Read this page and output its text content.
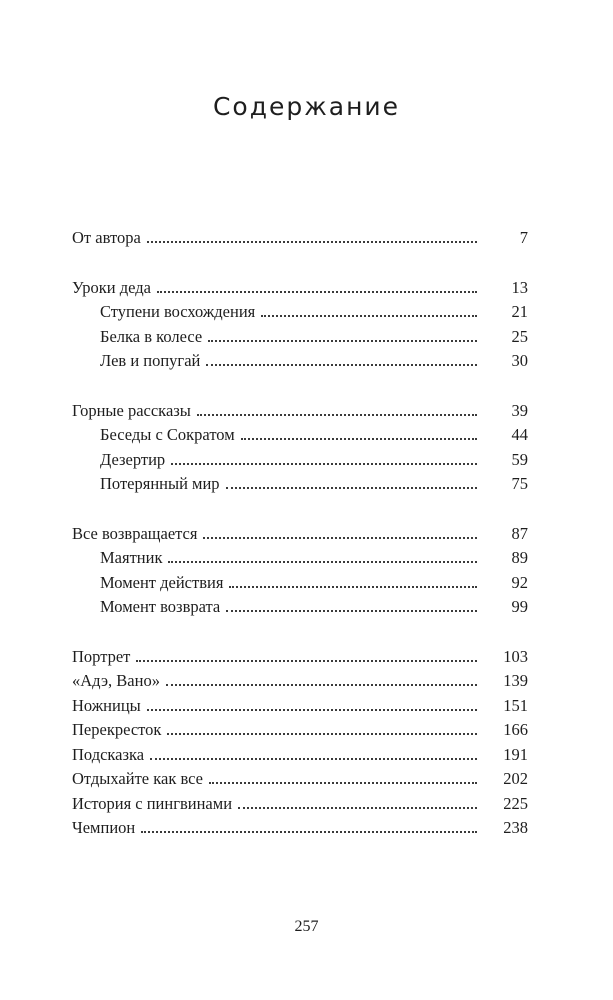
Содержание
От автора	7
Уроки деда	13
Ступени восхождения	21
Белка в колесе	25
Лев и попугай	30
Горные рассказы	39
Беседы с Сократом	44
Дезертир	59
Потерянный мир	75
Все возвращается	87
Маятник	89
Момент действия	92
Момент возврата	99
Портрет	103
«Адэ, Вано»	139
Ножницы	151
Перекресток	166
Подсказка	191
Отдыхайте как все	202
История с пингвинами	225
Чемпион	238
257
